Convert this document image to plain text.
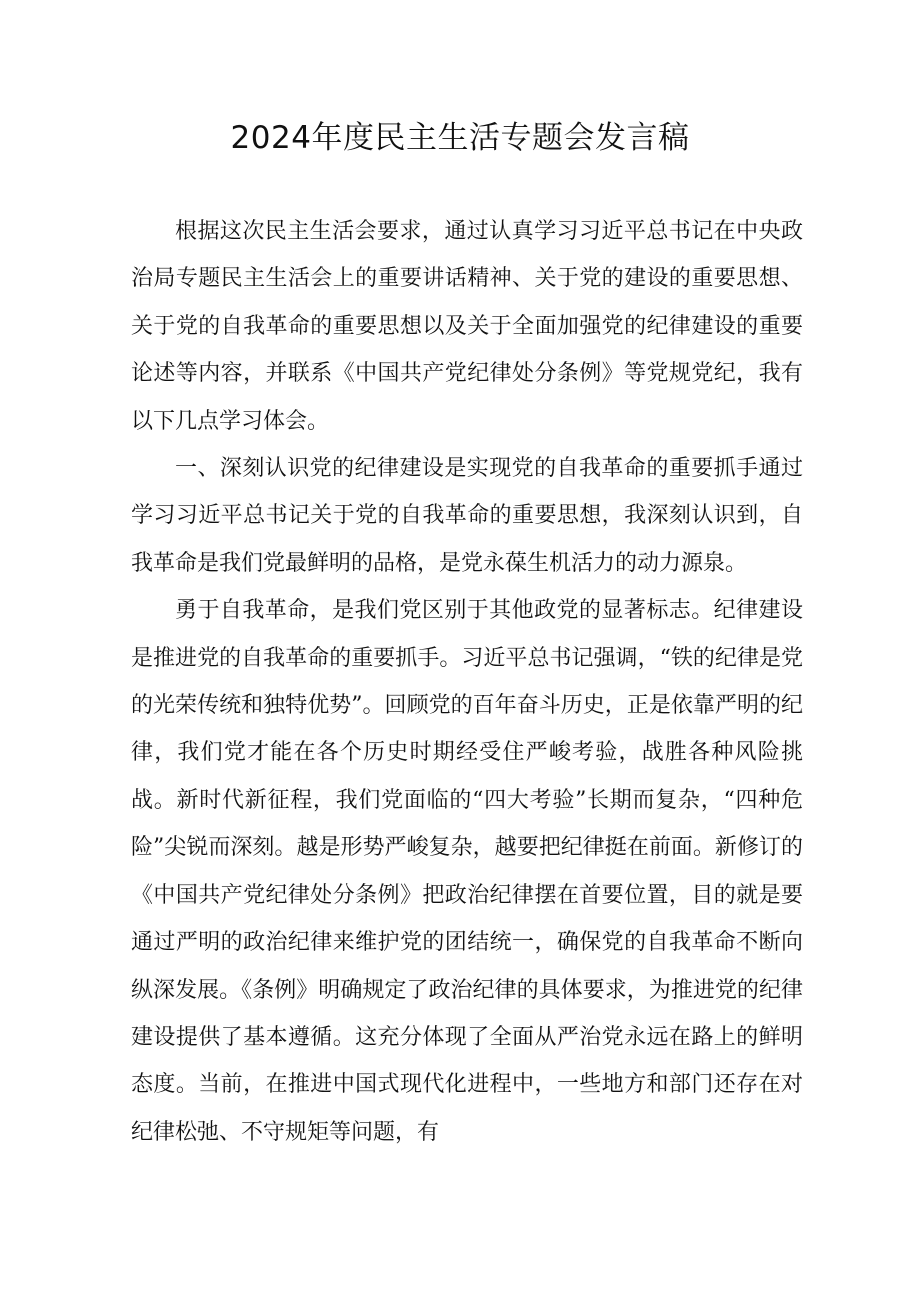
2024年度民主生活专题会发言稿

根据这次民主生活会要求，通过认真学习习近平总书记在中央政治局专题民主生活会上的重要讲话精神、关于党的建设的重要思想、关于党的自我革命的重要思想以及关于全面加强党的纪律建设的重要论述等内容，并联系《中国共产党纪律处分条例》等党规党纪，我有以下几点学习体会。

一、深刻认识党的纪律建设是实现党的自我革命的重要抓手通过学习习近平总书记关于党的自我革命的重要思想，我深刻认识到，自我革命是我们党最鲜明的品格，是党永葆生机活力的动力源泉。

勇于自我革命，是我们党区别于其他政党的显著标志。纪律建设是推进党的自我革命的重要抓手。习近平总书记强调，“铁的纪律是党的光荣传统和独特优势”。回顾党的百年奋斗历史，正是依靠严明的纪律，我们党才能在各个历史时期经受住严峻考验，战胜各种风险挑战。新时代新征程，我们党面临的“四大考验”长期而复杂，“四种危险”尖锐而深刻。越是形势严峻复杂，越要把纪律挺在前面。新修订的《中国共产党纪律处分条例》把政治纪律摆在首要位置，目的就是要通过严明的政治纪律来维护党的团结统一，确保党的自我革命不断向纵深发展。《条例》明确规定了政治纪律的具体要求，为推进党的纪律建设提供了基本遵循。这充分体现了全面从严治党永远在路上的鲜明态度。当前，在推进中国式现代化进程中，一些地方和部门还存在对纪律松弛、不守规矩等问题，有
